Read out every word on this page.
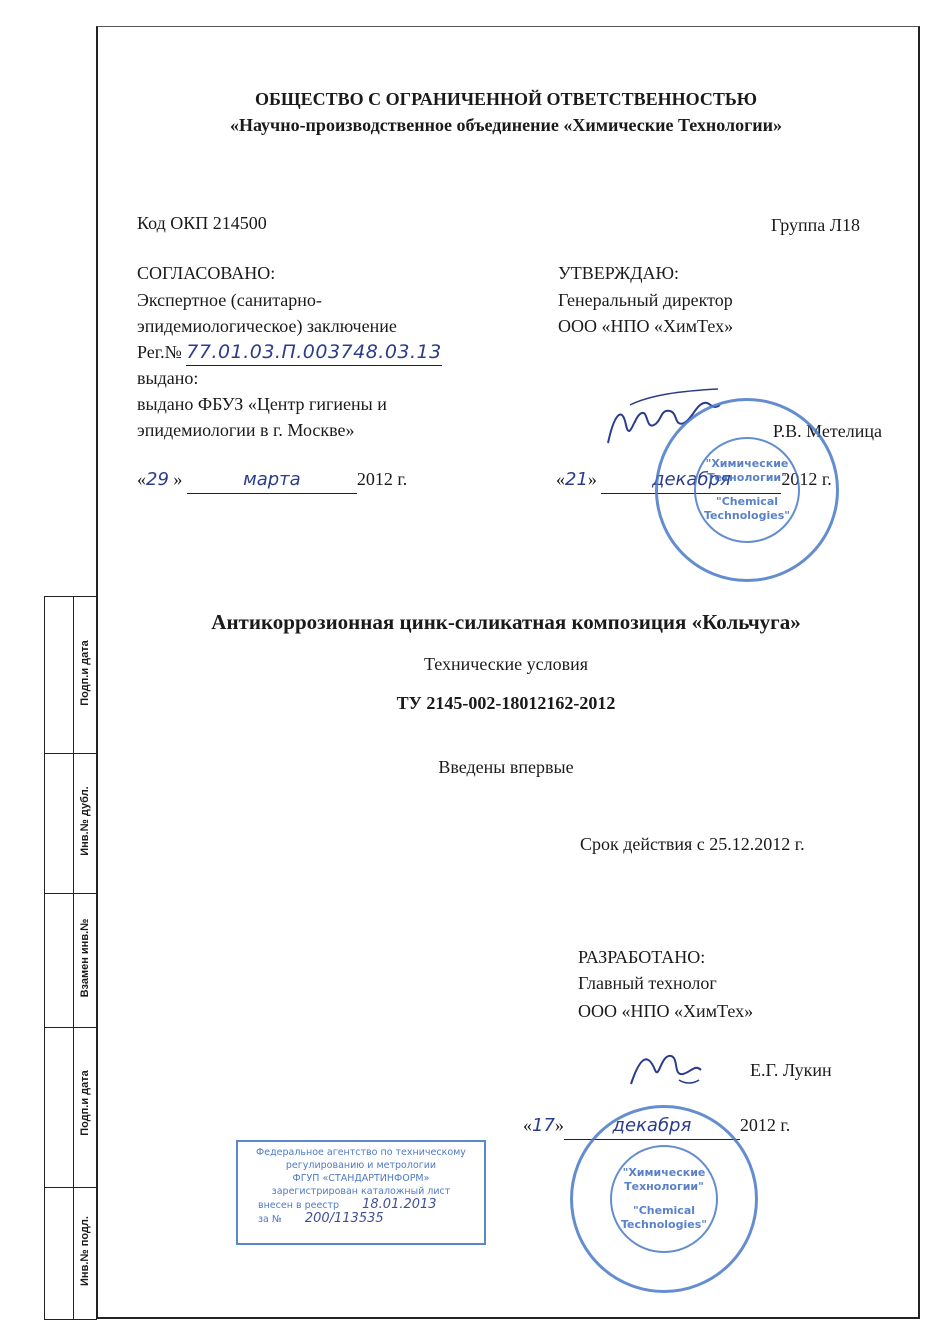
ОБЩЕСТВО С ОГРАНИЧЕННОЙ ОТВЕТСТВЕННОСТЬЮ
«Научно-производственное объединение «Химические Технологии»
Код ОКП 214500	Группа Л18
СОГЛАСОВАНО:
Экспертное (санитарно-
эпидемиологическое) заключение
Рег.№ 77.01.03.П.003748.03.13
выдано:
выдано ФБУЗ «Центр гигиены и
эпидемиологии в г. Москве»
«29 »	марта	2012 г.
УТВЕРЖДАЮ:
Генеральный директор
ООО «НПО «ХимТех»
Р.В. Метелица
«21»	декабря	2012 г.
"Химические
Технологии"
"Chemical
Technologies"
Антикоррозионная цинк-силикатная композиция «Кольчуга»
Технические условия
ТУ 2145-002-18012162-2012
Введены впервые
Срок действия с 25.12.2012 г.
РАЗРАБОТАНО:
Главный технолог
ООО «НПО «ХимТех»
Е.Г. Лукин
«17»	декабря	2012 г.
"Химические
Технологии"
"Chemical
Technologies"
Федеральное агентство по техническому
регулированию и метрологии
ФГУП «СТАНДАРТИНФОРМ»
зарегистрирован каталожный лист
внесен в реестр 18.01.2013
за № 200/113535
Подп.и дата
Инв.№ дубл.
Взамен инв.№
Подп.и дата
Инв.№ подл.
